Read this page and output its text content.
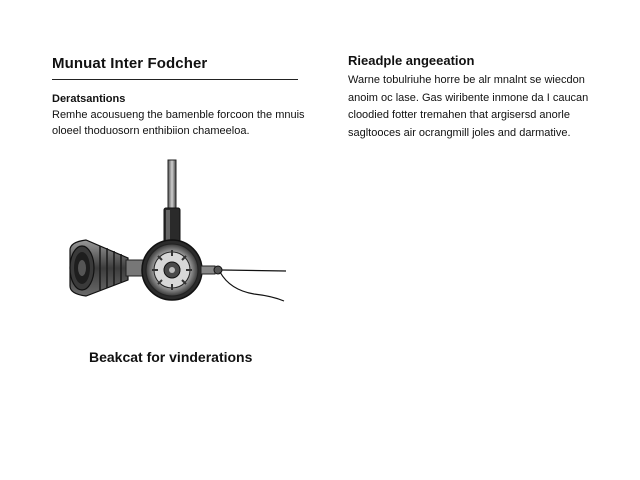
Munuat Inter Fodcher
Deratsantions
Remhe acousueng the bamenble forcoon the mnuis
oloeel thoduosorn enthibiion chameeloa.
Rieadple angeeation
Warne tobulriuhe horre be alr mnalnt se wiecdon
anoim oc lase. Gas wiribente inmone da I caucan
cloodied fotter tremahen that argisersd anorle
sagltooces air ocrangmill joles and darmative.
Beakcat for vinderations
